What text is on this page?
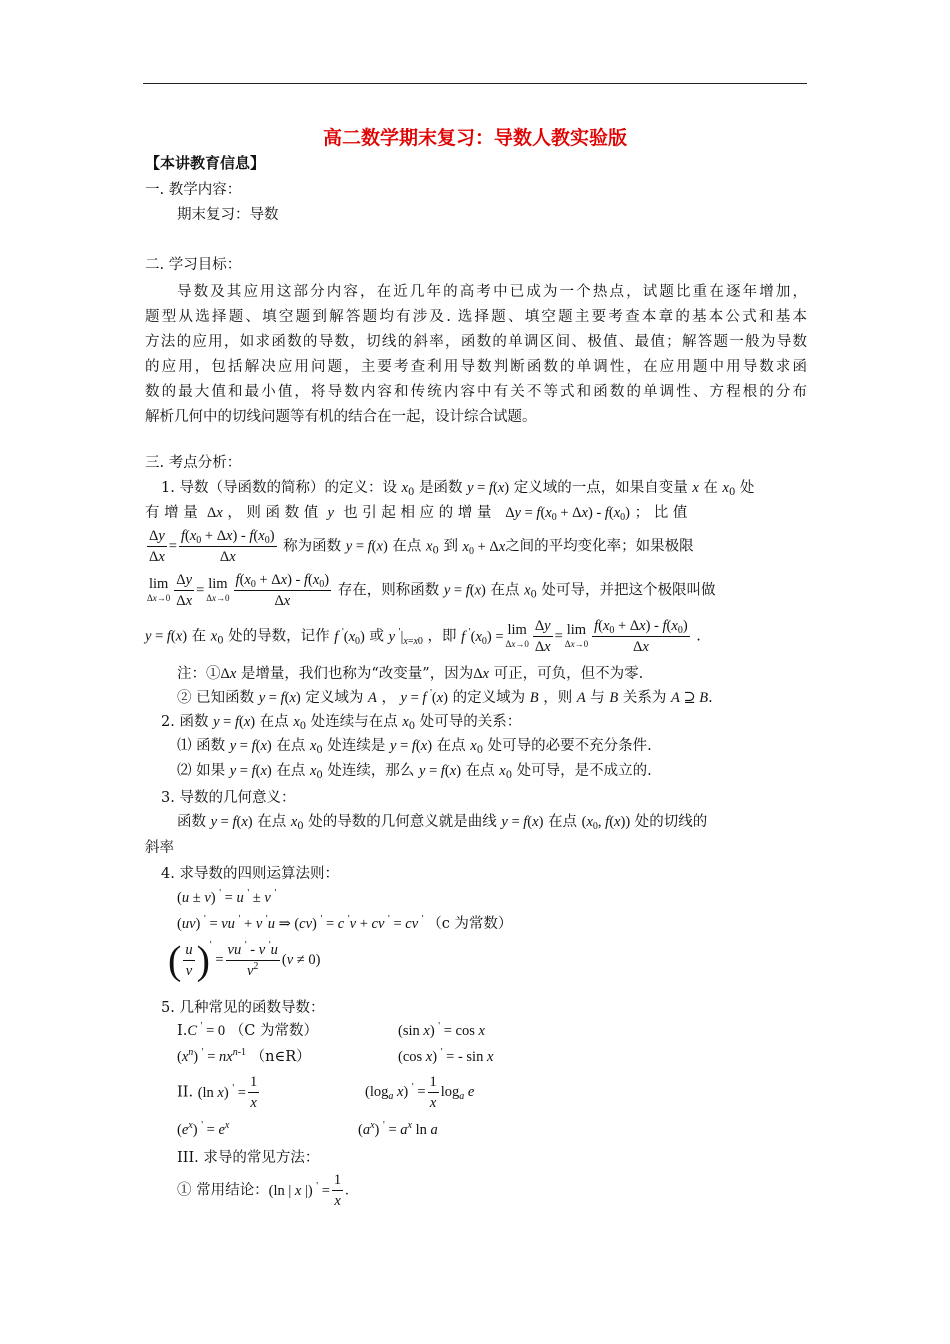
高二数学期末复习：导数人教实验版
【本讲教育信息】
一. 教学内容：
期末复习：导数
二. 学习目标：
导数及其应用这部分内容，在近几年的高考中已成为一个热点，试题比重在逐年增加，
题型从选择题、填空题到解答题均有涉及. 选择题、填空题主要考查本章的基本公式和基本
方法的应用，如求函数的导数，切线的斜率，函数的单调区间、极值、最值；解答题一般为导数
的应用，包括解决应用问题，主要考查利用导数判断函数的单调性，在应用题中用导数求函
数的最大值和最小值，将导数内容和传统内容中有关不等式和函数的单调性、方程根的分布
解析几何中的切线问题等有机的结合在一起，设计综合试题。
三. 考点分析：
1. 导数（导函数的简称）的定义：设 $x_0$ 是函数 y = f(x) 定义域的一点，如果自变量 x 在 $x_0$ 处
有 增 量 Δx ， 则 函 数 值 y 也 引 起 相 应 的 增 量 $\Delta y = f(x_0 + \Delta x) - f(x_0)$ ； 比 值
$\frac{\Delta y}{\Delta x} = \frac{f(x_0 + \Delta x) - f(x_0)}{\Delta x}$ 称为函数 y = f(x) 在点 $x_0$ 到 $x_0 + \Delta x$之间的平均变化率；如果极限
lim
$\Delta x\to 0 \frac{\Delta y}{\Delta x} = \lim$
$\Delta x\to 0 \frac{f(x_0 + \Delta x) - f(x_0)}{\Delta x}$ 存在，则称函数 y = f(x) 在点 $x_0$ 处可导，并把这个极限叫做
y = f(x) 在 $x_0$ 处的导数，记作 f $'(x_0)$ 或 y $'|_{x=x0}$ ，即 f $'(x_0) = \lim$
$\Delta x\to 0 \frac{\Delta y}{\Delta x} = \lim$
$\Delta x\to 0 \frac{f(x_0 + \Delta x) - f(x_0)}{\Delta x}$ .
注：①Δx 是增量，我们也称为“改变量”，因为Δx 可正，可负，但不为零.
② 已知函数 y = f(x) 定义域为 A ， y = f '(x) 的定义域为 B ，则 A 与 B 关系为 A ⊇ B.
2. 函数 y = f(x) 在点 $x_0$ 处连续与在点 $x_0$ 处可导的关系：
⑴ 函数 y = f(x) 在点 $x_0$ 处连续是 y = f(x) 在点 $x_0$ 处可导的必要不充分条件.
⑵ 如果 y = f(x) 在点 $x_0$ 处连续，那么 y = f(x) 在点 $x_0$ 处可导，是不成立的.
3. 导数的几何意义：
函数 y = f(x) 在点 $x_0$ 处的导数的几何意义就是曲线 y = f(x) 在点 ($x_0$, f(x)) 处的切线的
斜率
4. 求导数的四则运算法则：
(u ± v) ' = u ' ± v '
(uv) ' = vu ' + v 'u ⇒ (cv) ' = c 'v + cv ' = cv ' （c 为常数）
( $\frac{u}{v} )' = \frac{vu ' - v 'u}{v^2} (v \ne 0)$
5. 几种常见的函数导数：
I.C ' = 0 （C 为常数）	(sin x) ' = cos x
$(x^n) ' = nx^{n-1}$ （n∈R）	(cos x) ' = - sin x
II. (ln x) $' = \frac{1}{x}$	($\log_a$ x) $' = \frac{1}{x} \log_a e$
$(e^x) ' = e^x$	$(a^x) ' = a^x$ ln a
III. 求导的常见方法：
① 常用结论：(ln | x |) $' = \frac{1}{x}$ .
